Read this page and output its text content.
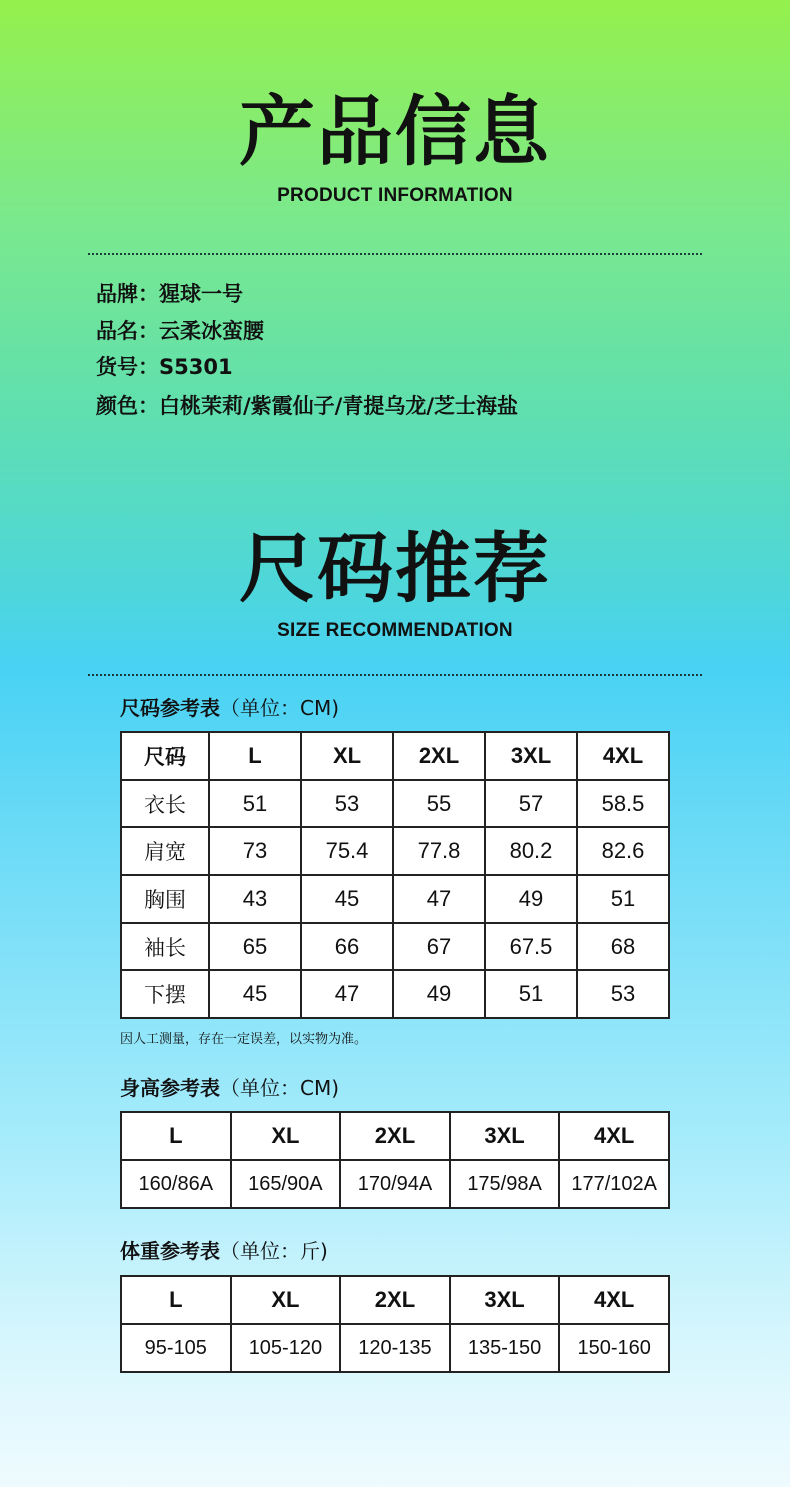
产品信息
PRODUCT INFORMATION
品牌：猩球一号
品名：云柔冰蛮腰
货号：S5301
颜色：白桃茉莉/紫霞仙子/青提乌龙/芝士海盐
尺码推荐
SIZE RECOMMENDATION
尺码参考表（单位：CM)
尺码	L	XL	2XL	3XL	4XL
衣长	51	53	55	57	58.5
肩宽	73	75.4	77.8	80.2	82.6
胸围	43	45	47	49	51
袖长	65	66	67	67.5	68
下摆	45	47	49	51	53
因人工测量，存在一定误差，以实物为准。
身高参考表（单位：CM)
L	XL	2XL	3XL	4XL
160/86A	165/90A	170/94A	175/98A	177/102A
体重参考表（单位：斤)
L	XL	2XL	3XL	4XL
95-105	105-120	120-135	135-150	150-160
